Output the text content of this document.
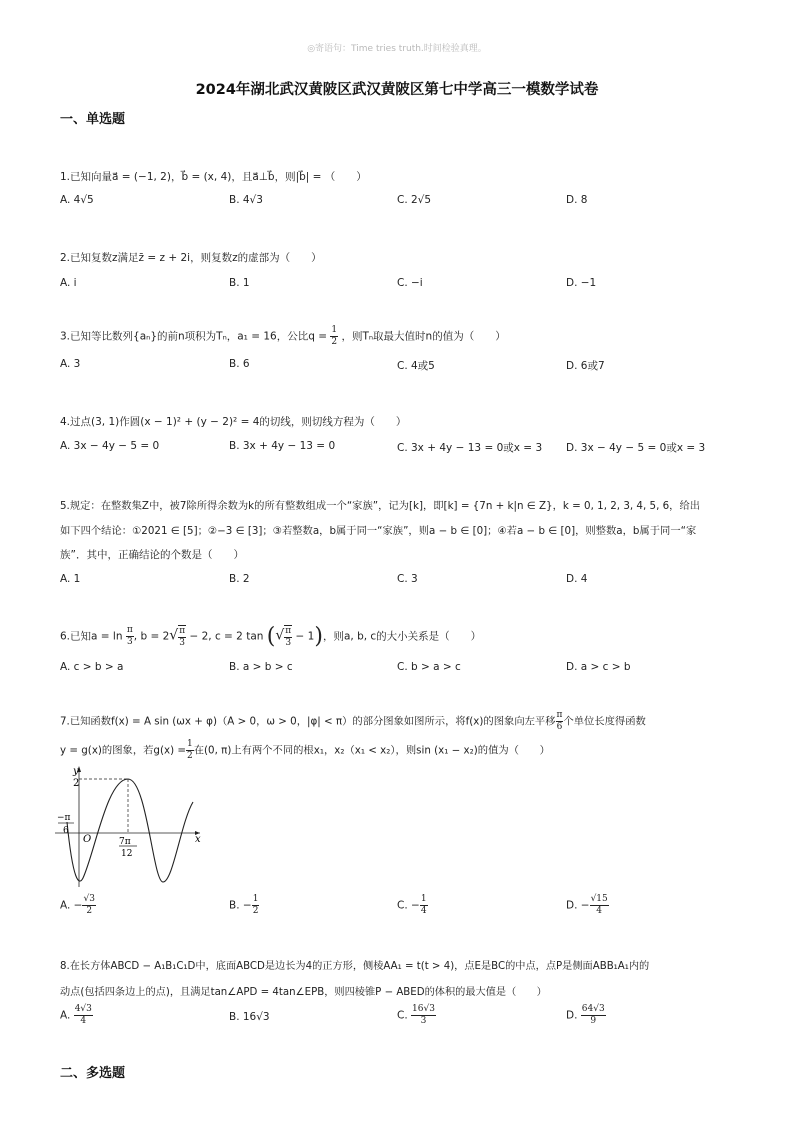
◎寄语句：Time tries truth.时间检验真理。
2024年湖北武汉黄陂区武汉黄陂区第七中学高三一模数学试卷
一、单选题
1.已知向量a⃗ = (−1, 2)，b⃗ = (x, 4)，且a⃗⊥b⃗，则|b⃗| = （　　）
A. 4√5	B. 4√3	C. 2√5	D. 8
2.已知复数z满足z̄ = z + 2i，则复数z的虚部为（　　）
A. i	B. 1	C. −i	D. −1
3.已知等比数列{aₙ}的前n项积为Tₙ，a₁ = 16，公比$q = \frac{1}{2}$ ，则Tₙ取最大值时n的值为（　　）
A. 3	B. 6	C. 4或5	D. 6或7
4.过点(3, 1)作圆(x − 1)² + (y − 2)² = 4的切线，则切线方程为（　　）
A. 3x − 4y − 5 = 0	B. 3x + 4y − 13 = 0	C. 3x + 4y − 13 = 0或x = 3 D. 3x − 4y − 5 = 0或x = 3
5.规定：在整数集Z中，被7除所得余数为k的所有整数组成一个“家族”，记为[k]，即[k] = {7n + k|n ∈ Z}，k = 0, 1, 2, 3, 4, 5, 6，给出
如下四个结论：①2021 ∈ [5]；②−3 ∈ [3]；③若整数a，b属于同一“家族”，则a − b ∈ [0]；④若a − b ∈ [0]，则整数a，b属于同一“家
族”．其中，正确结论的个数是（　　）
A. 1	B. 2	C. 3	D. 4
6.已知$a = \ln \frac{\pi}{3}$ , $b = 2√ \frac{\pi}{3} - 2$, c = 2 tan (√ $\frac{\pi}{3} - 1$)，则a, b, c的大小关系是（　　）
A. c > b > a	B. a > b > c	C. b > a > c	D. a > c > b
7.已知函数f(x) = A sin (ωx + φ)（A > 0，ω > 0，|φ| < π）的部分图象如图所示，将f(x)的图象向左平移 $\frac{\pi}{6}$ 个单位长度得函数
y = g(x)的图象，若$g(x) = \frac{1}{2}$ 在(0, π)上有两个不同的根x₁，x₂（x₁ < x₂），则sin (x₁ − x₂)的值为（　　）
y
x
O
2
−π
6
7π
12
A. − $\frac{√3}{2}$	B. − $\frac{1}{2}$	C. − $\frac{1}{4}$	D. − $\frac{√15}{4}$
8.在长方体ABCD − A₁B₁C₁D中，底面ABCD是边长为4的正方形，侧棱AA₁ = t(t > 4)，点E是BC的中点，点P是侧面ABB₁A₁内的
动点(包括四条边上的点)，且满足tan∠APD = 4tan∠EPB，则四棱锥P − ABED的体积的最大值是（　　）
A. $\frac{4√3}{4}$	B. 16√3	C. $\frac{16√3}{3}$	D. $\frac{64√3}{9}$
二、多选题
